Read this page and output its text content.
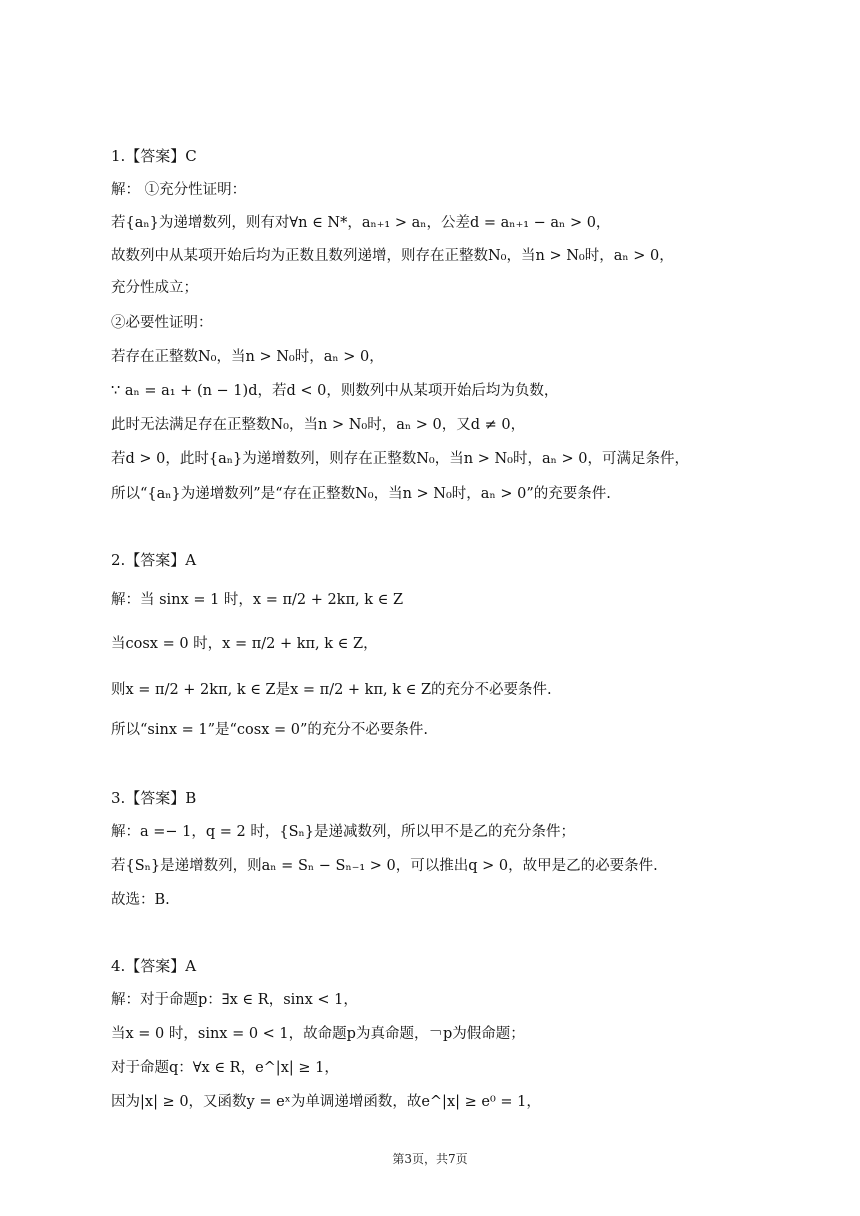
1.【答案】C
解： ①充分性证明：
若{aₙ}为递增数列，则有对∀n ∈ N*，aₙ₊₁ > aₙ，公差d = aₙ₊₁ − aₙ > 0，
故数列中从某项开始后均为正数且数列递增，则存在正整数N₀，当n > N₀时，aₙ > 0，
充分性成立；
②必要性证明：
若存在正整数N₀，当n > N₀时，aₙ > 0，
∵ aₙ = a₁ + (n − 1)d，若d < 0，则数列中从某项开始后均为负数，
此时无法满足存在正整数N₀，当n > N₀时，aₙ > 0，又d ≠ 0，
若d > 0，此时{aₙ}为递增数列，则存在正整数N₀，当n > N₀时，aₙ > 0，可满足条件，
所以“{aₙ}为递增数列”是“存在正整数N₀，当n > N₀时，aₙ > 0”的充要条件.
2.【答案】A
解：当 sinx = 1 时，x = π/2 + 2kπ, k ∈ Z
当cosx = 0 时，x = π/2 + kπ, k ∈ Z，
则x = π/2 + 2kπ, k ∈ Z是x = π/2 + kπ, k ∈ Z的充分不必要条件.
所以“sinx = 1”是“cosx = 0”的充分不必要条件.
3.【答案】B
解：a =− 1，q = 2 时，{Sₙ}是递减数列，所以甲不是乙的充分条件；
若{Sₙ}是递增数列，则aₙ = Sₙ − Sₙ₋₁ > 0，可以推出q > 0，故甲是乙的必要条件.
故选：B.
4.【答案】A
解：对于命题p：∃x ∈ R，sinx < 1，
当x = 0 时，sinx = 0 < 1，故命题p为真命题，￢p为假命题；
对于命题q：∀x ∈ R，e^|x| ≥ 1，
因为|x| ≥ 0，又函数y = eˣ为单调递增函数，故e^|x| ≥ e⁰ = 1，
第3页，共7页
